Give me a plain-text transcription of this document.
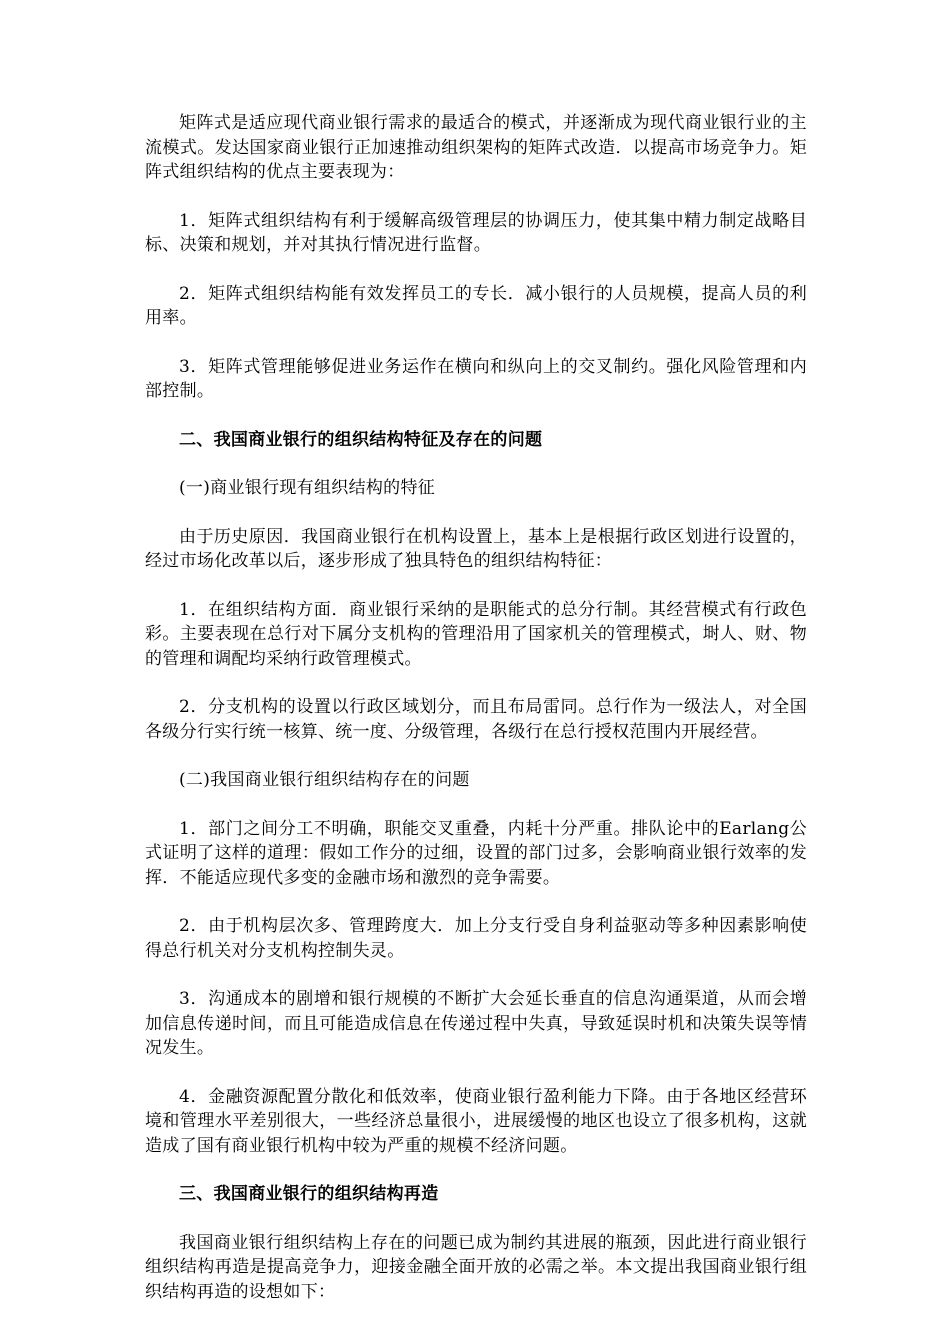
矩阵式是适应现代商业银行需求的最适合的模式，并逐渐成为现代商业银行业的主流模式。发达国家商业银行正加速推动组织架构的矩阵式改造．以提高市场竞争力。矩阵式组织结构的优点主要表现为：

1．矩阵式组织结构有利于缓解高级管理层的协调压力，使其集中精力制定战略目标、决策和规划，并对其执行情况进行监督。

2．矩阵式组织结构能有效发挥员工的专长．减小银行的人员规模，提高人员的利用率。

3．矩阵式管理能够促进业务运作在横向和纵向上的交叉制约。强化风险管理和内部控制。

二、我国商业银行的组织结构特征及存在的问题

(一)商业银行现有组织结构的特征

由于历史原因．我国商业银行在机构设置上，基本上是根据行政区划进行设置的，经过市场化改革以后，逐步形成了独具特色的组织结构特征：

1．在组织结构方面．商业银行采纳的是职能式的总分行制。其经营模式有行政色彩。主要表现在总行对下属分支机构的管理沿用了国家机关的管理模式，埘人、财、物的管理和调配均采纳行政管理模式。

2．分支机构的设置以行政区域划分，而且布局雷同。总行作为一级法人，对全国各级分行实行统一核算、统一度、分级管理，各级行在总行授权范围内开展经营。

(二)我国商业银行组织结构存在的问题

1．部门之间分工不明确，职能交叉重叠，内耗十分严重。排队论中的Earlang公式证明了这样的道理：假如工作分的过细，设置的部门过多，会影响商业银行效率的发挥．不能适应现代多变的金融市场和激烈的竞争需要。

2．由于机构层次多、管理跨度大．加上分支行受自身利益驱动等多种因素影响使得总行机关对分支机构控制失灵。

3．沟通成本的剧增和银行规模的不断扩大会延长垂直的信息沟通渠道，从而会增加信息传递时间，而且可能造成信息在传递过程中失真，导致延误时机和决策失误等情况发生。

4．金融资源配置分散化和低效率，使商业银行盈利能力下降。由于各地区经营环境和管理水平差别很大，一些经济总量很小，进展缓慢的地区也设立了很多机构，这就造成了国有商业银行机构中较为严重的规模不经济问题。

三、我国商业银行的组织结构再造

我国商业银行组织结构上存在的问题已成为制约其进展的瓶颈，因此进行商业银行组织结构再造是提高竞争力，迎接金融全面开放的必需之举。本文提出我国商业银行组织结构再造的设想如下：
